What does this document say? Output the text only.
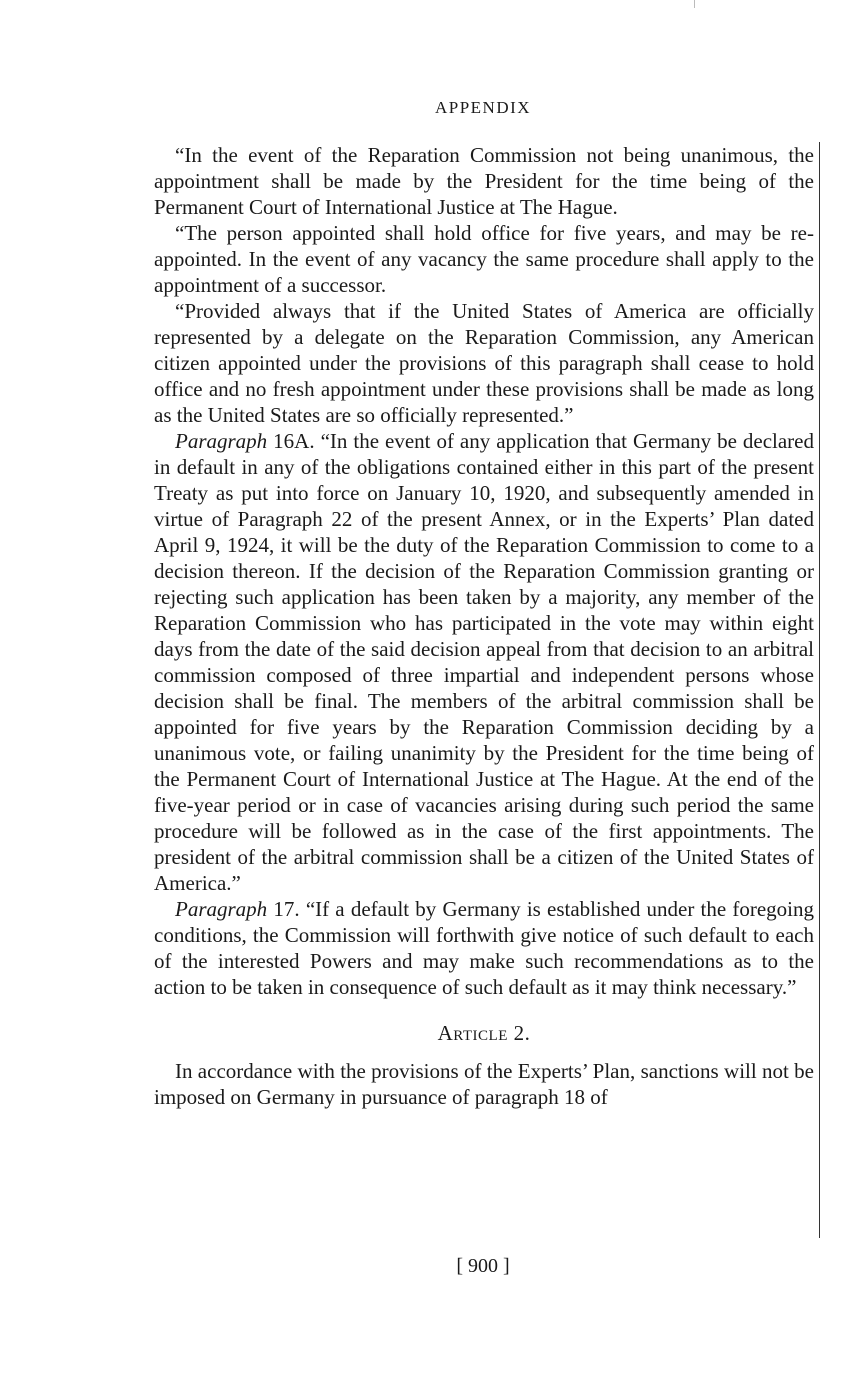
APPENDIX

“In the event of the Reparation Commission not being unanimous, the appointment shall be made by the President for the time being of the Permanent Court of International Justice at The Hague.

“The person appointed shall hold office for five years, and may be re-appointed. In the event of any vacancy the same procedure shall apply to the appointment of a successor.

“Provided always that if the United States of America are officially represented by a delegate on the Reparation Commission, any American citizen appointed under the provisions of this paragraph shall cease to hold office and no fresh appointment under these provisions shall be made as long as the United States are so officially represented.”

Paragraph 16A. “In the event of any application that Germany be declared in default in any of the obligations contained either in this part of the present Treaty as put into force on January 10, 1920, and subsequently amended in virtue of Paragraph 22 of the present Annex, or in the Experts’ Plan dated April 9, 1924, it will be the duty of the Reparation Commission to come to a decision thereon. If the decision of the Reparation Commission granting or rejecting such application has been taken by a majority, any member of the Reparation Commission who has participated in the vote may within eight days from the date of the said decision appeal from that decision to an arbitral commission composed of three impartial and independent persons whose decision shall be final. The members of the arbitral commission shall be appointed for five years by the Reparation Commission deciding by a unanimous vote, or failing unanimity by the President for the time being of the Permanent Court of International Justice at The Hague. At the end of the five-year period or in case of vacancies arising during such period the same procedure will be followed as in the case of the first appointments. The president of the arbitral commission shall be a citizen of the United States of America.”

Paragraph 17. “If a default by Germany is established under the foregoing conditions, the Commission will forthwith give notice of such default to each of the interested Powers and may make such recommendations as to the action to be taken in consequence of such default as it may think necessary.”

Article 2.

In accordance with the provisions of the Experts’ Plan, sanctions will not be imposed on Germany in pursuance of paragraph 18 of

[ 900 ]
